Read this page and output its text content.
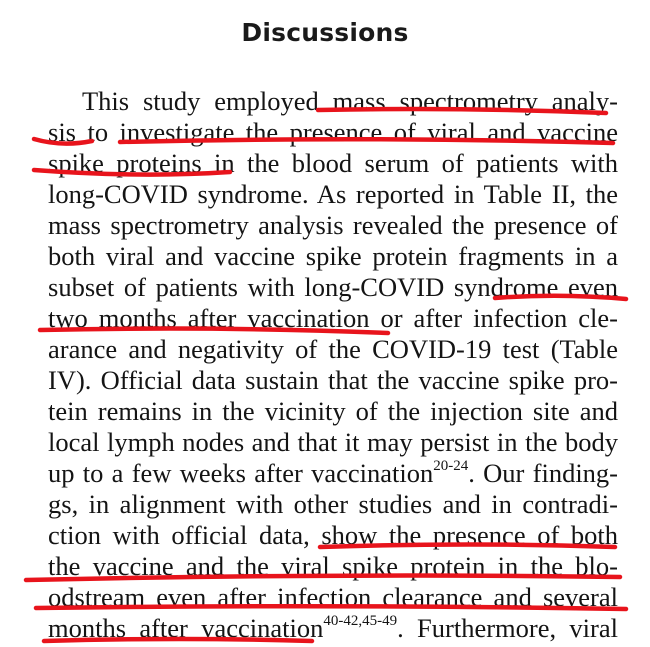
Discussions
This study employed mass spectrometry analy-
sis to investigate the presence of viral and vaccine
spike proteins in the blood serum of patients with
long-COVID syndrome. As reported in Table II, the
mass spectrometry analysis revealed the presence of
both viral and vaccine spike protein fragments in a
subset of patients with long-COVID syndrome even
two months after vaccination or after infection cle-
arance and negativity of the COVID-19 test (Table
IV). Official data sustain that the vaccine spike pro-
tein remains in the vicinity of the injection site and
local lymph nodes and that it may persist in the body
up to a few weeks after vaccination$^{20-24}$. Our finding-
gs, in alignment with other studies and in contradi-
ction with official data, show the presence of both
the vaccine and the viral spike protein in the blo-
odstream even after infection clearance and several
months after vaccination$^{40-42,45-49}$. Furthermore, viral
